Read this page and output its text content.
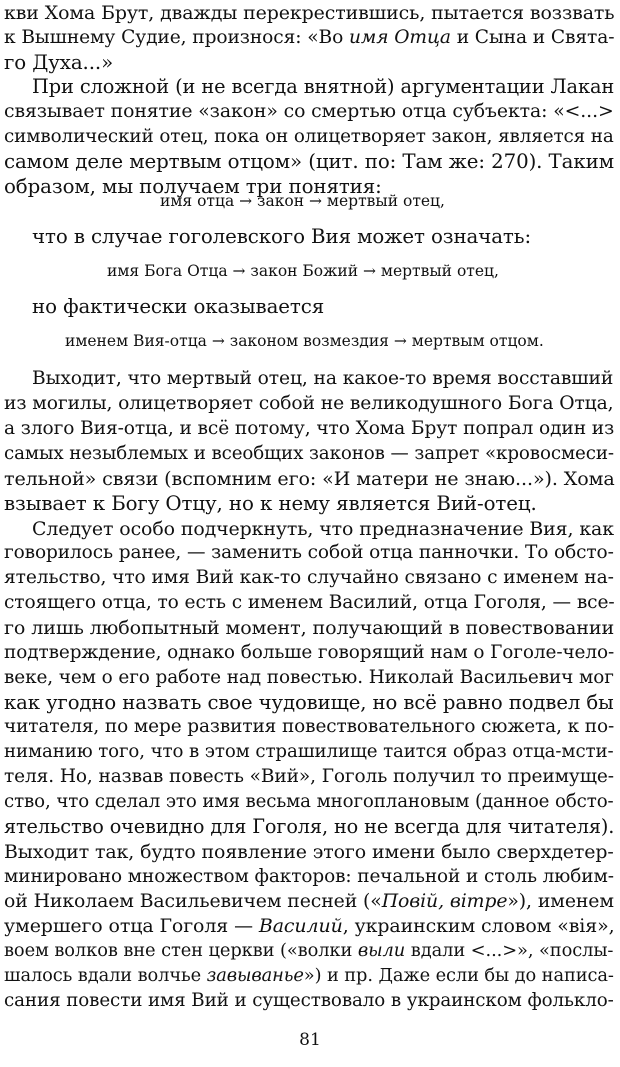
кви Хома Брут, дважды перекрестившись, пытается воззвать
к Вышнему Судие, произнося: «Во имя Отца и Сына и Свята-
го Духа...»
При сложной (и не всегда внятной) аргументации Лакан
связывает понятие «закон» со смертью отца субъекта: «<...>
символический отец, пока он олицетворяет закон, является на
самом деле мертвым отцом» (цит. по: Там же: 270). Таким
образом, мы получаем три понятия:
имя отца → закон → мертвый отец,
что в случае гоголевского Вия может означать:
имя Бога Отца → закон Божий → мертвый отец,
но фактически оказывается
именем Вия-отца → законом возмездия → мертвым отцом.
Выходит, что мертвый отец, на какое-то время восставший
из могилы, олицетворяет собой не великодушного Бога Отца,
а злого Вия-отца, и всё потому, что Хома Брут попрал один из
самых незыблемых и всеобщих законов — запрет «кровосмеси-
тельной» связи (вспомним его: «И матери не знаю...»). Хома
взывает к Богу Отцу, но к нему является Вий-отец.
Следует особо подчеркнуть, что предназначение Вия, как
говорилось ранее, — заменить собой отца панночки. То обсто-
ятельство, что имя Вий как-то случайно связано с именем на-
стоящего отца, то есть с именем Василий, отца Гоголя, — все-
го лишь любопытный момент, получающий в повествовании
подтверждение, однако больше говорящий нам о Гоголе-чело-
веке, чем о его работе над повестью. Николай Васильевич мог
как угодно назвать свое чудовище, но всё равно подвел бы
читателя, по мере развития повествовательного сюжета, к по-
ниманию того, что в этом страшилище таится образ отца-мсти-
теля. Но, назвав повесть «Вий», Гоголь получил то преимуще-
ство, что сделал это имя весьма многоплановым (данное обсто-
ятельство очевидно для Гоголя, но не всегда для читателя).
Выходит так, будто появление этого имени было сверхдетер-
минировано множеством факторов: печальной и столь любим-
ой Николаем Васильевичем песней («Повiй, вiтре»), именем
умершего отца Гоголя — Василий, украинским словом «вія»,
воем волков вне стен церкви («волки выли вдали <...>», «послы-
шалось вдали волчье завыванье») и пр. Даже если бы до написа-
сания повести имя Вий и существовало в украинском фолькло-
81
